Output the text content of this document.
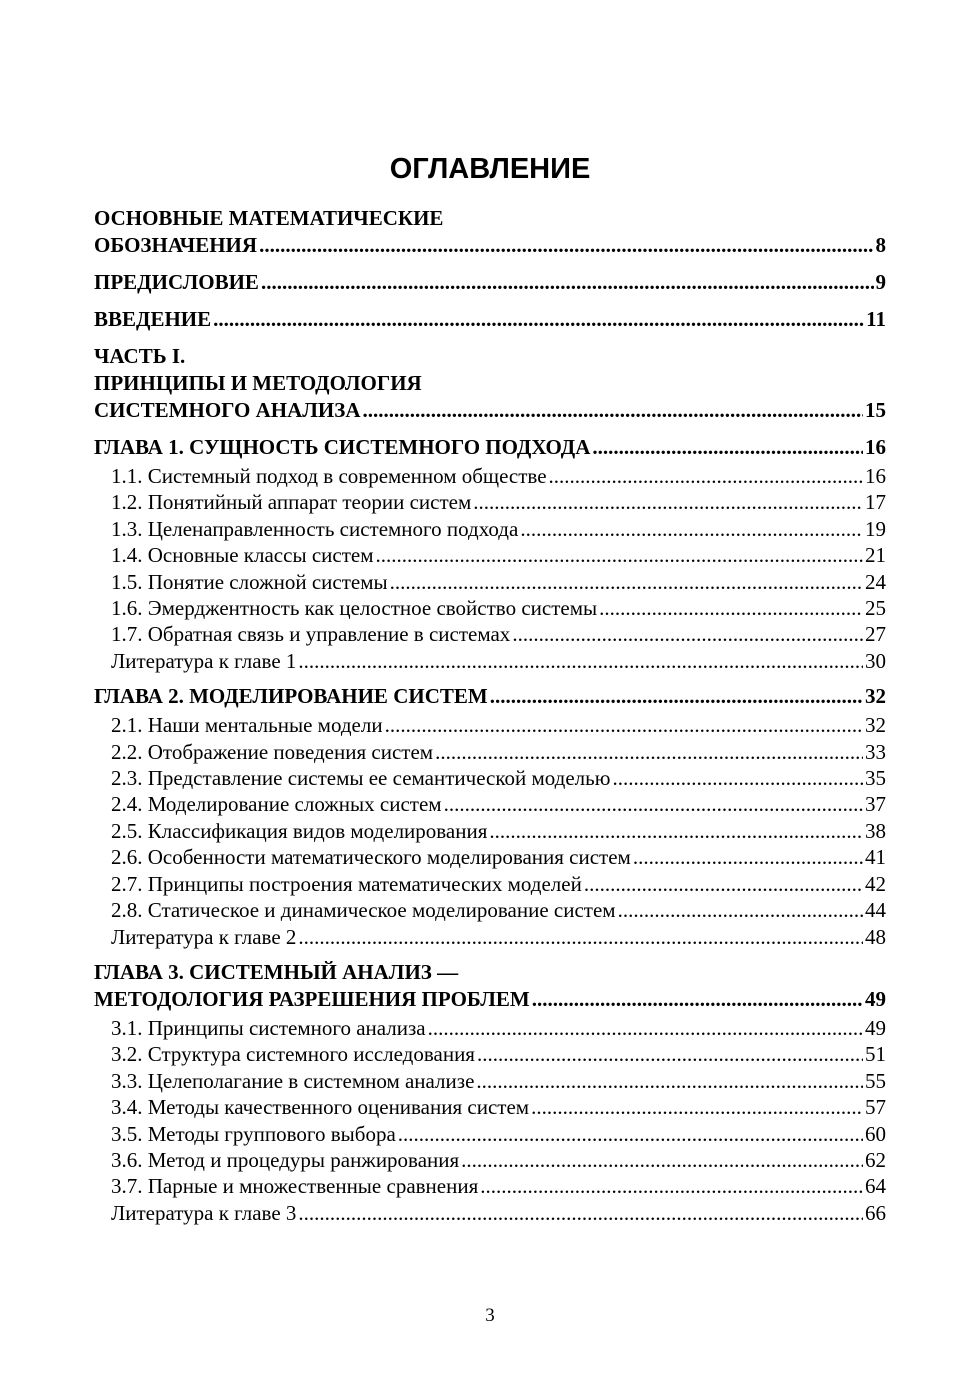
ОГЛАВЛЕНИЕ
ОСНОВНЫЕ МАТЕМАТИЧЕСКИЕ
ОБОЗНАЧЕНИЯ .....	8
ПРЕДИСЛОВИЕ .....	9
ВВЕДЕНИЕ .....	11
ЧАСТЬ I.
ПРИНЦИПЫ И МЕТОДОЛОГИЯ
СИСТЕМНОГО АНАЛИЗА .....	15
ГЛАВА 1. СУЩНОСТЬ СИСТЕМНОГО ПОДХОДА .....	16
1.1. Системный подход в современном обществе .....	16
1.2. Понятийный аппарат теории систем .....	17
1.3. Целенаправленность системного подхода .....	19
1.4. Основные классы систем .....	21
1.5. Понятие сложной системы .....	24
1.6. Эмерджентность как целостное свойство системы .....	25
1.7. Обратная связь и управление в системах .....	27
Литература к главе 1 .....	30
ГЛАВА 2. МОДЕЛИРОВАНИЕ СИСТЕМ .....	32
2.1. Наши ментальные модели .....	32
2.2. Отображение поведения систем .....	33
2.3. Представление системы ее семантической моделью .....	35
2.4. Моделирование сложных систем .....	37
2.5. Классификация видов моделирования .....	38
2.6. Особенности математического моделирования систем .....	41
2.7. Принципы построения математических моделей .....	42
2.8. Статическое и динамическое моделирование систем .....	44
Литература к главе 2 .....	48
ГЛАВА 3. СИСТЕМНЫЙ АНАЛИЗ —
МЕТОДОЛОГИЯ РАЗРЕШЕНИЯ ПРОБЛЕМ .....	49
3.1. Принципы системного анализа .....	49
3.2. Структура системного исследования .....	51
3.3. Целеполагание в системном анализе .....	55
3.4. Методы качественного оценивания систем .....	57
3.5. Методы группового выбора .....	60
3.6. Метод и процедуры ранжирования .....	62
3.7. Парные и множественные сравнения .....	64
Литература к главе 3 .....	66
3
